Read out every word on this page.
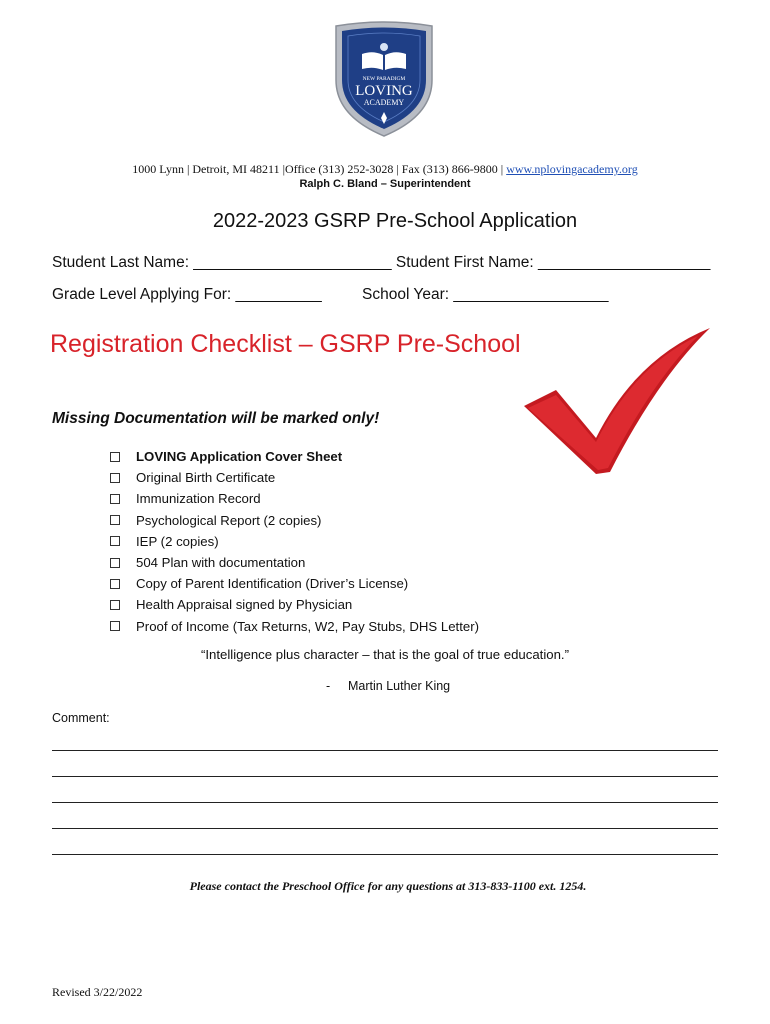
NEW PARADIGM
LOVING
ACADEMY
1000 Lynn | Detroit, MI 48211 |Office (313) 252-3028 | Fax (313) 866-9800 | www.nplovingacademy.org
Ralph C. Bland – Superintendent
2022-2023 GSRP Pre-School Application
Student Last Name: _______________________ Student First Name: ____________________
Grade Level Applying For: __________	School Year: __________________
Registration Checklist – GSRP Pre-School
Missing Documentation will be marked only!
LOVING Application Cover Sheet
Original Birth Certificate
Immunization Record
Psychological Report (2 copies)
IEP (2 copies)
504 Plan with documentation
Copy of Parent Identification (Driver’s License)
Health Appraisal signed by Physician
Proof of Income (Tax Returns, W2, Pay Stubs, DHS Letter)
“Intelligence plus character – that is the goal of true education.”
- Martin Luther King
Comment:
Please contact the Preschool Office for any questions at 313-833-1100 ext. 1254.
Revised 3/22/2022
